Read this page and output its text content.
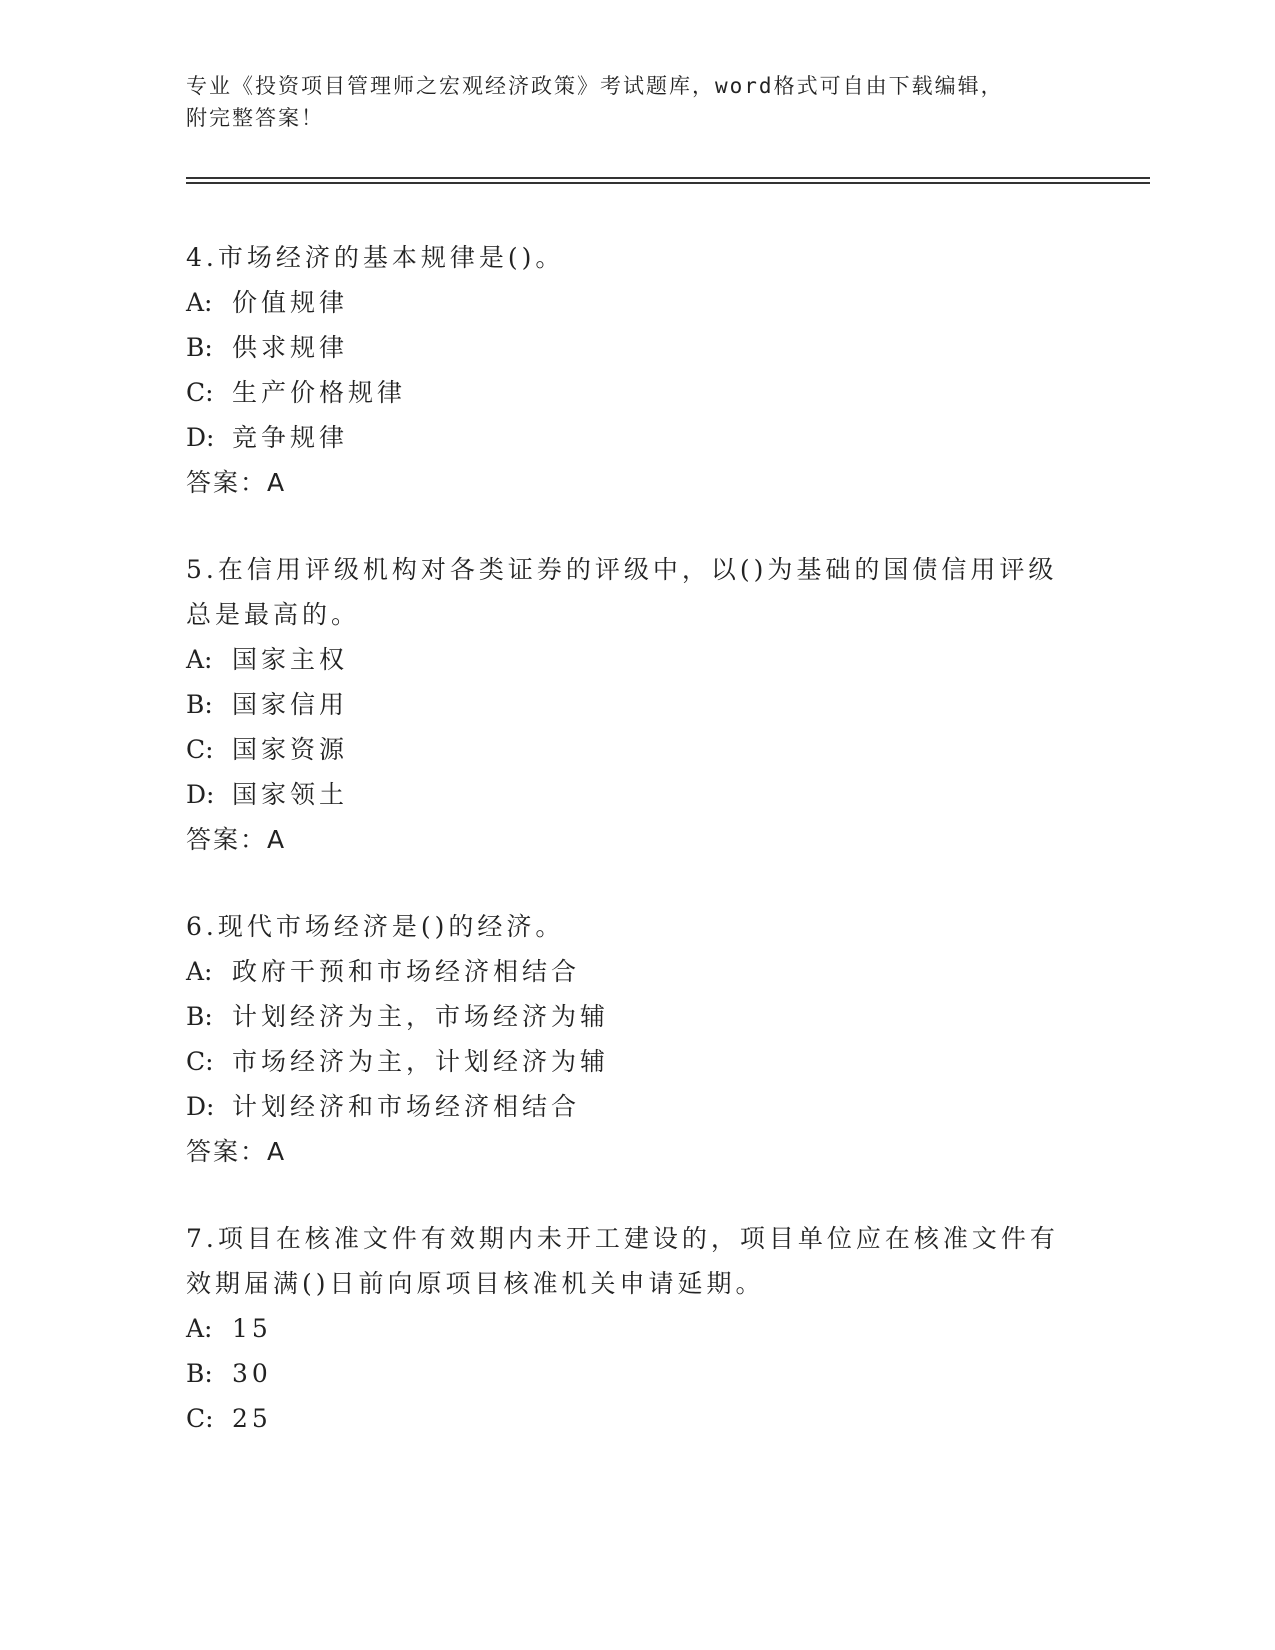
专业《投资项目管理师之宏观经济政策》考试题库，word格式可自由下载编辑，
附完整答案！
4.市场经济的基本规律是()。
A: 价值规律
B: 供求规律
C: 生产价格规律
D: 竞争规律
答案：A
5.在信用评级机构对各类证券的评级中，以()为基础的国债信用评级
总是最高的。
A: 国家主权
B: 国家信用
C: 国家资源
D: 国家领土
答案：A
6.现代市场经济是()的经济。
A: 政府干预和市场经济相结合
B: 计划经济为主，市场经济为辅
C: 市场经济为主，计划经济为辅
D: 计划经济和市场经济相结合
答案：A
7.项目在核准文件有效期内未开工建设的，项目单位应在核准文件有
效期届满()日前向原项目核准机关申请延期。
A: 15
B: 30
C: 25
